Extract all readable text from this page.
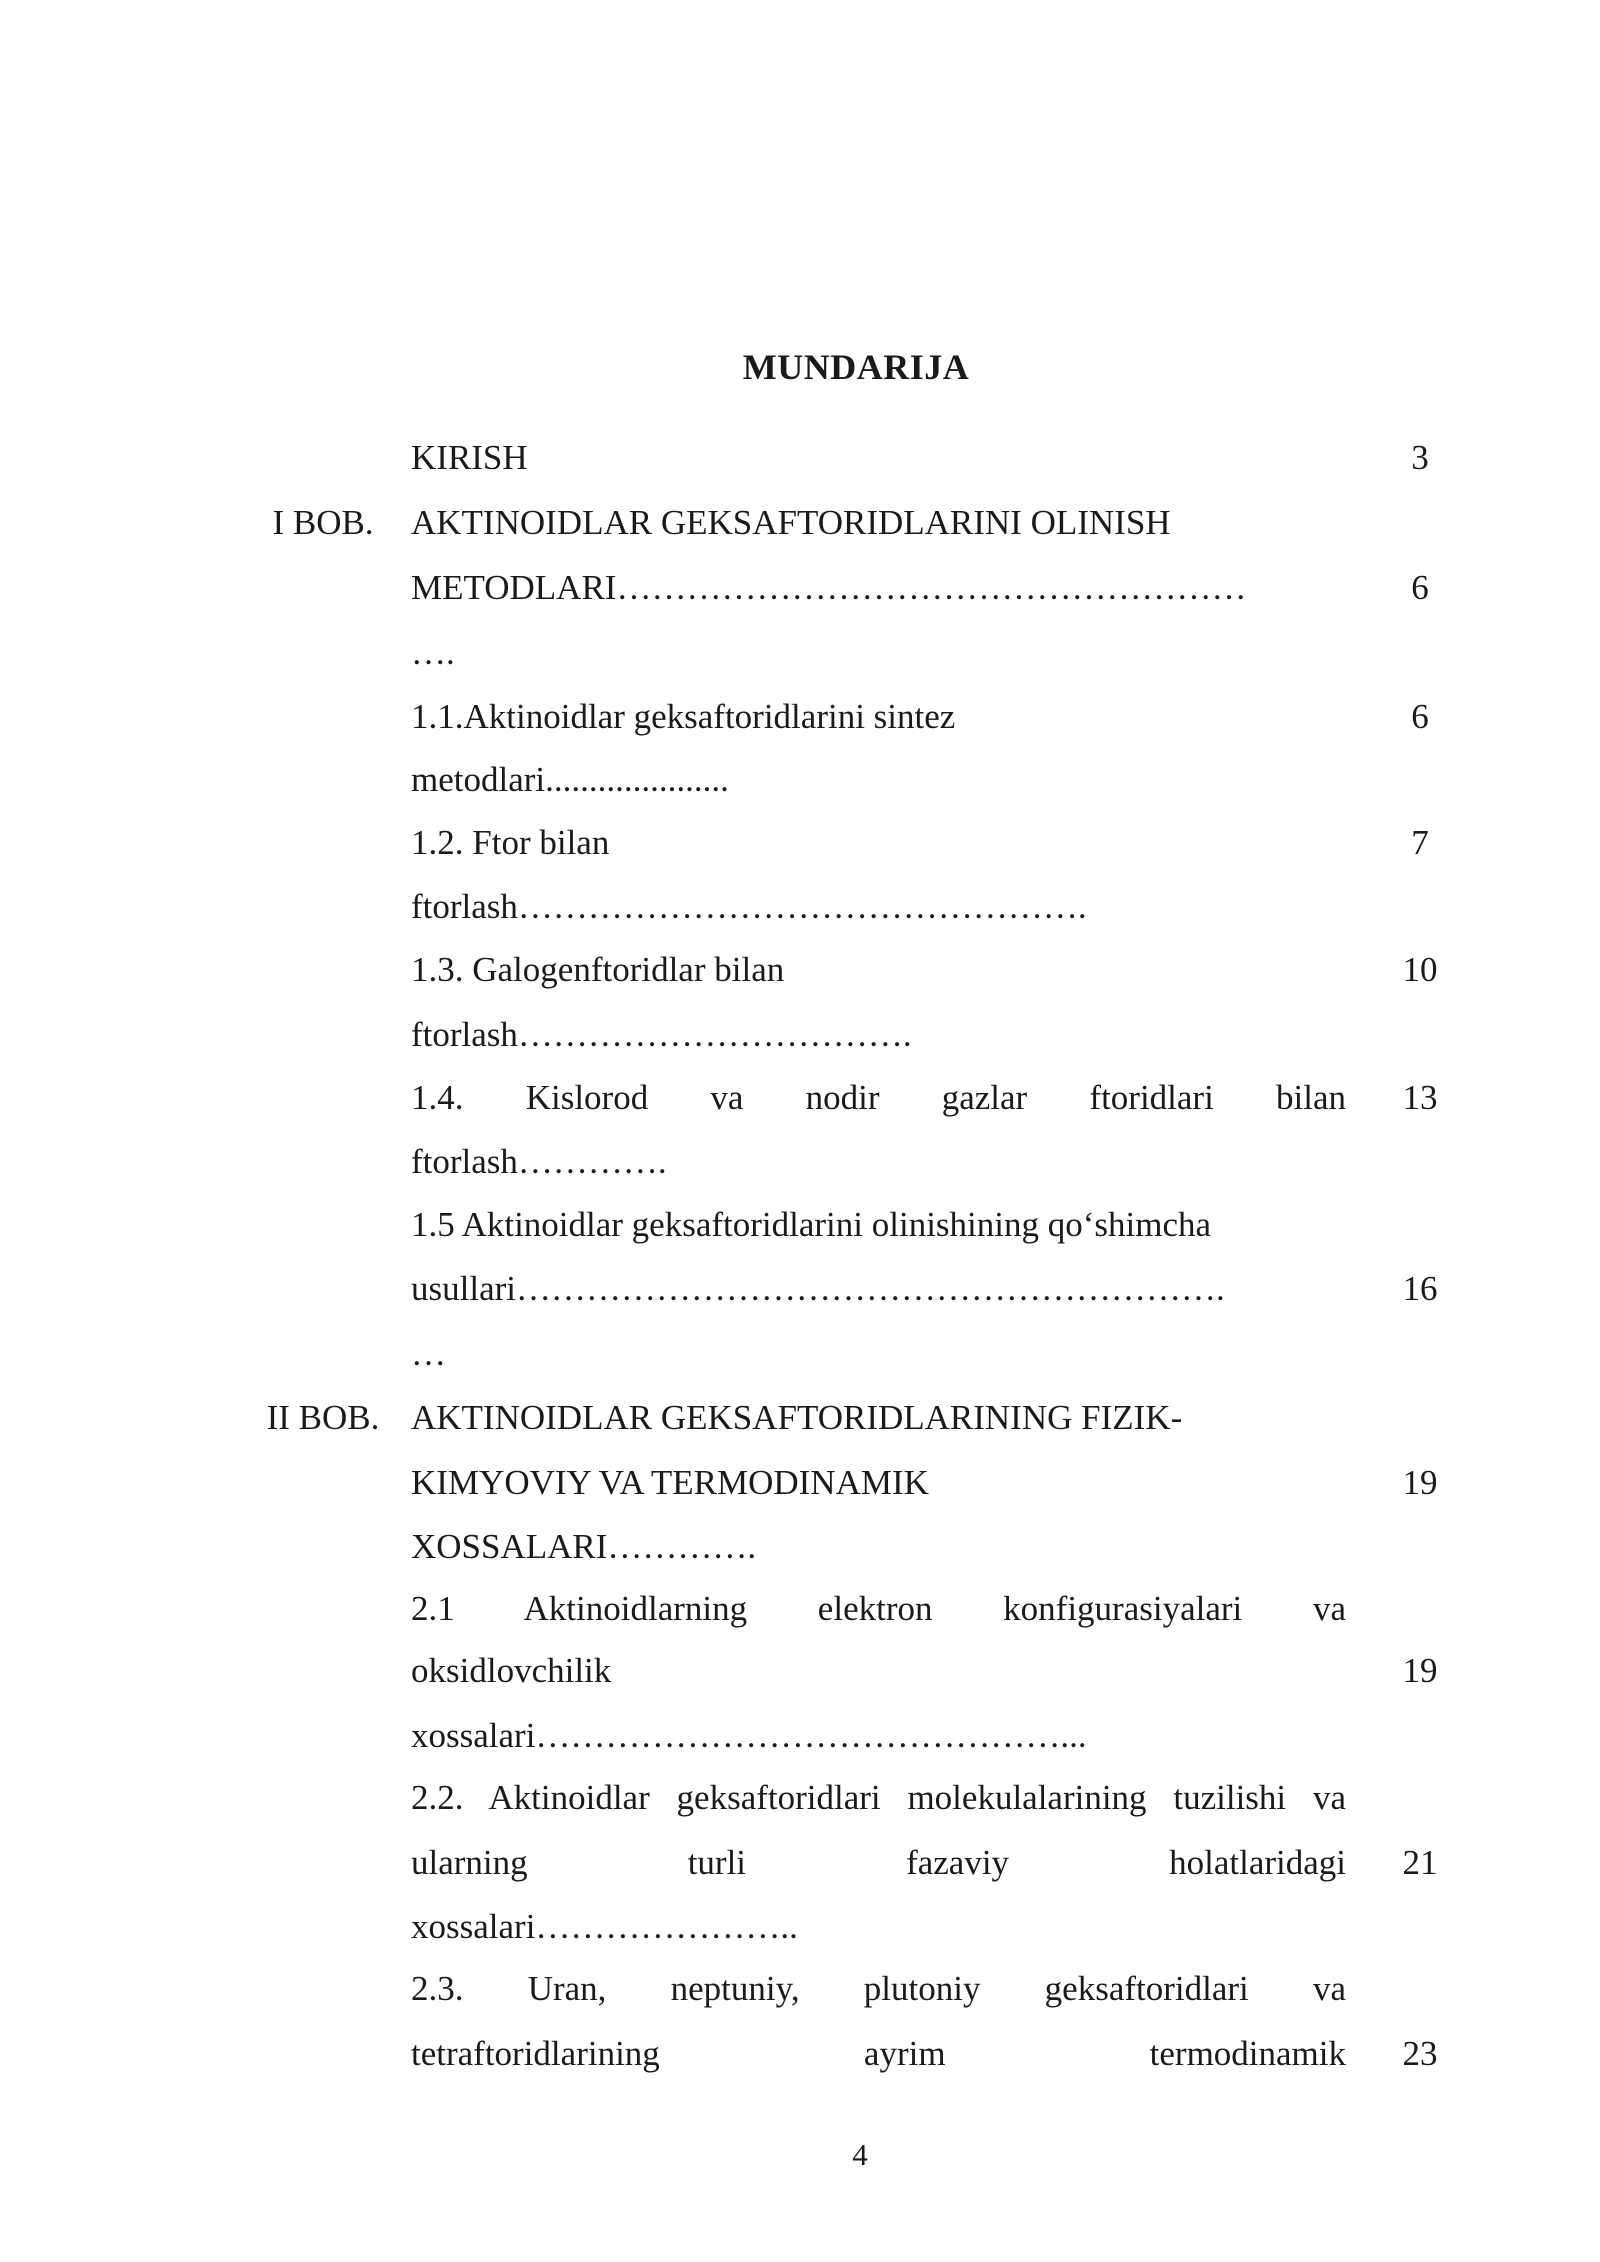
MUNDARIJA
KIRISH	3
I BOB.	AKTINOIDLAR GEKSAFTORIDLARINI OLINISH
METODLARI………………………………………………	6
….
1.1.Aktinoidlar geksaftoridlarini sintez	6
metodlari.....................
1.2. Ftor bilan	7
ftorlash………………………………………….
1.3. Galogenftoridlar bilan	10
ftorlash…………………………….
1.4. Kislorod va nodir gazlar ftoridlari bilan	13
ftorlash………….
1.5 Aktinoidlar geksaftoridlarini olinishining qo‘shimcha
usullari…………………………………………………….	16
…
II BOB. AKTINOIDLAR GEKSAFTORIDLARINING FIZIK-
KIMYOVIY VA TERMODINAMIK	19
XOSSALARI………….
2.1 Aktinoidlarning elektron konfigurasiyalari va
oksidlovchilik	19
xossalari………………………………………...
2.2. Aktinoidlar geksaftoridlari molekulalarining tuzilishi va
ularning turli fazaviy holatlaridagi	21
xossalari…………………..
2.3. Uran, neptuniy, plutoniy geksaftoridlari va
tetraftoridlarining ayrim termodinamik	23
4
